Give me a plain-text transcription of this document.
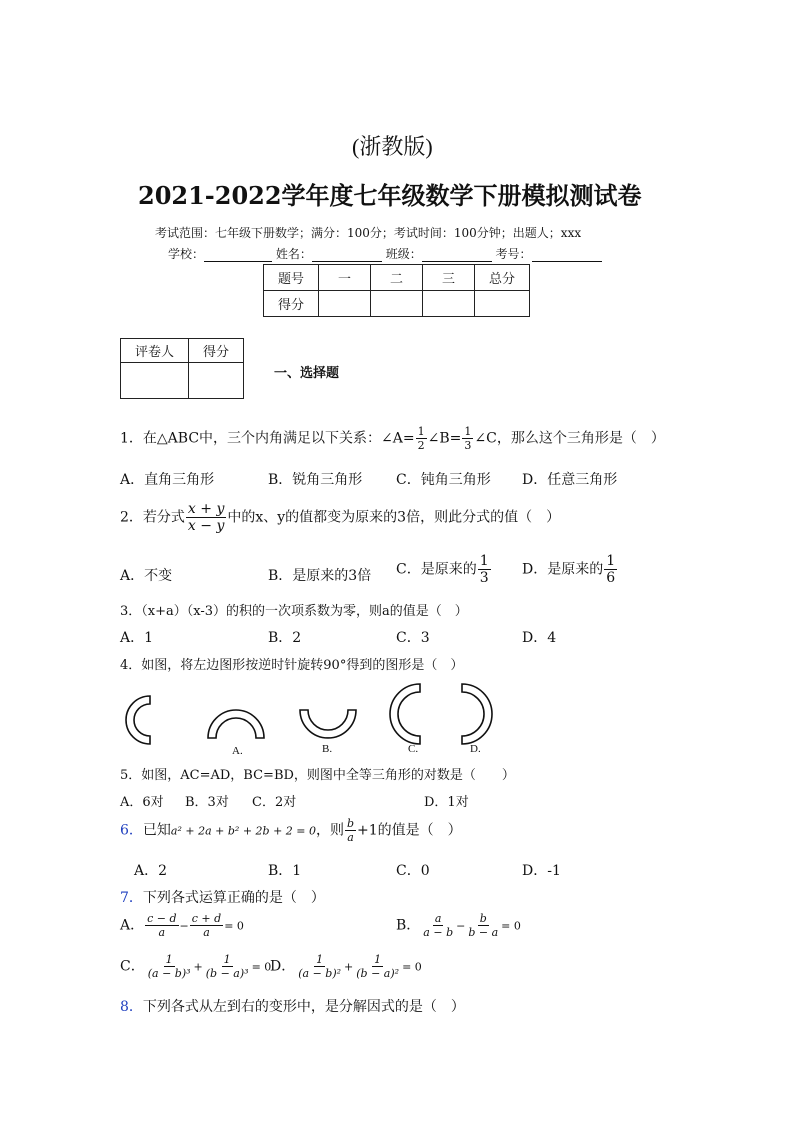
(浙教版)
2021-2022学年度七年级数学下册模拟测试卷
考试范围：七年级下册数学；满分：100分；考试时间：100分钟；出题人；xxx
学校：	姓名：	班级：	考号：
题号	一	二	三	总分
得分				
评卷人	得分

一、选择题
1．在△ABC中，三个内角满足以下关系：∠A= $\frac{1}{2}$ ∠B= $\frac{1}{3}$ ∠C，那么这个三角形是（　）
A．直角三角形	B．锐角三角形 C．钝角三角形 D．任意三角形
2．若分式 $\frac{x + y}{x - y}$ 中的x、y的值都变为原来的3倍，则此分式的值（　）
A．不变	B．是原来的3倍 C．是原来的 $\frac{1}{3}$ D．是原来的 $\frac{1}{6}$
3．（x+a）（x-3）的积的一次项系数为零，则a的值是（　）
A．1	B．2	C．3	D．4
4．如图，将左边图形按逆时针旋转90°得到的图形是（　）
A.	B.	C.	D.
5．如图，AC=AD，BC=BD，则图中全等三角形的对数是（　　）
A．6对 B．3对 C．2对	D．1对
6．已知a² + 2a + b² + 2b + 2 = 0，则 $\frac{b}{a} +1$的值是（　）
A．2	B．1	C．0	D．-1
7．下列各式运算正确的是（　）
A． $\frac{c - d}{a} - \frac{c + d}{a} = 0$	B． $\frac{a}{a - b} - \frac{b}{b - a} = 0$
C． $\frac{1}{\text{(a − b)³}} + \frac{1}{\text{(b − a)³}} = 0$
D． $\frac{1}{\text{(a − b)²}} + \frac{1}{\text{(b − a)²}} = 0$
8．下列各式从左到右的变形中，是分解因式的是（　）
